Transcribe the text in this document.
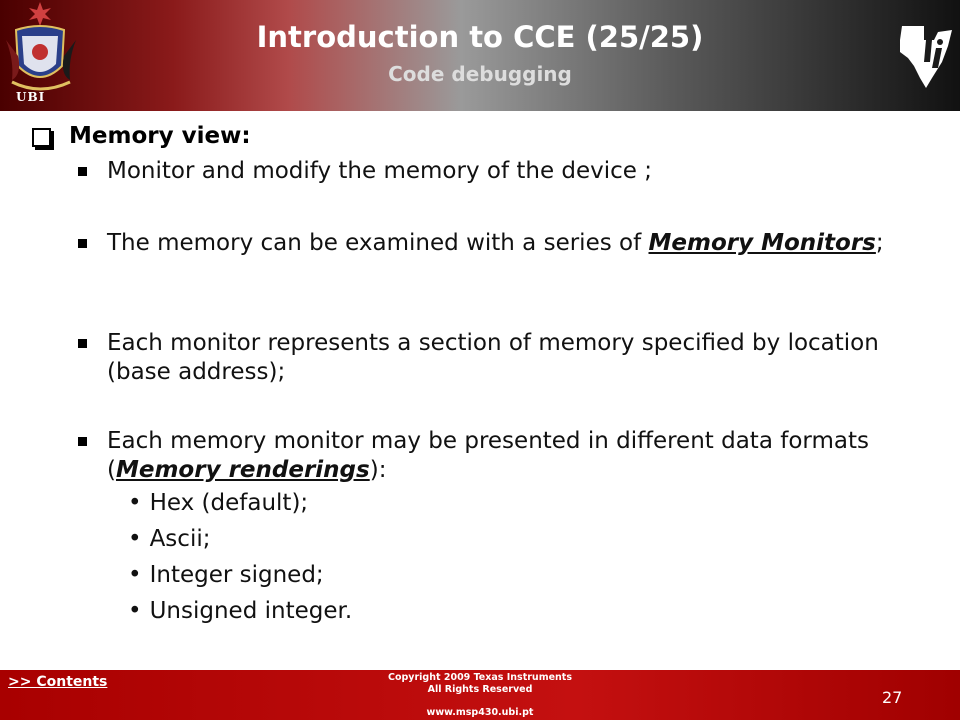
UBI
Introduction to CCE (25/25)
Code debugging
Memory view:
Monitor and modify the memory of the device ;
The memory can be examined with a series of Memory Monitors;
Each monitor represents a section of memory specified by location (base address);
Each memory monitor may be presented in different data formats (Memory renderings):
• Hex (default);
• Ascii;
• Integer signed;
• Unsigned integer.
>> Contents	Copyright 2009 Texas Instruments
All Rights Reserved
www.msp430.ubi.pt
27
